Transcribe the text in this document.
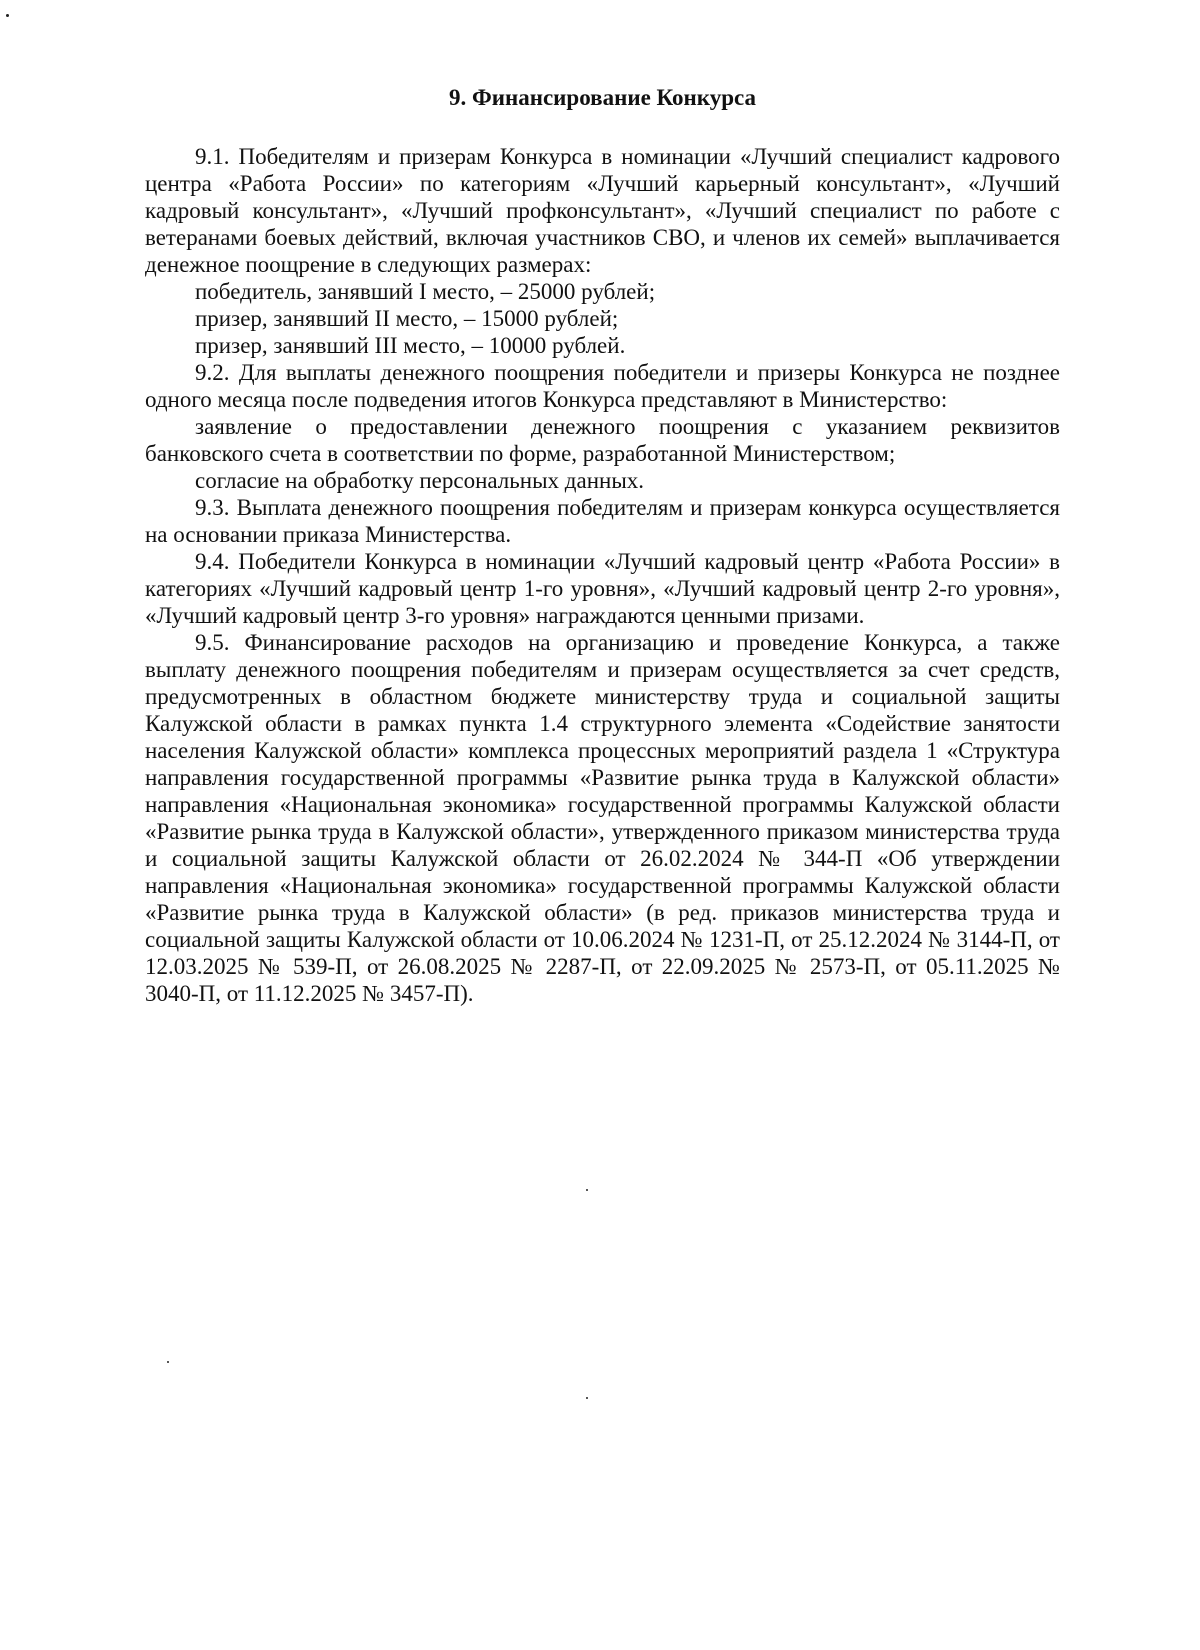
9. Финансирование Конкурса

9.1. Победителям и призерам Конкурса в номинации «Лучший специалист кадрового центра «Работа России» по категориям «Лучший карьерный консультант», «Лучший кадровый консультант», «Лучший профконсультант», «Лучший специалист по работе с ветеранами боевых действий, включая участников СВО, и членов их семей» выплачивается денежное поощрение в следующих размерах:

победитель, занявший I место, – 25000 рублей;

призер, занявший II место, – 15000 рублей;

призер, занявший III место, – 10000 рублей.

9.2. Для выплаты денежного поощрения победители и призеры Конкурса не позднее одного месяца после подведения итогов Конкурса представляют в Министерство:

заявление о предоставлении денежного поощрения с указанием реквизитов банковского счета в соответствии по форме, разработанной Министерством;

согласие на обработку персональных данных.

9.3. Выплата денежного поощрения победителям и призерам конкурса осуществляется на основании приказа Министерства.

9.4. Победители Конкурса в номинации «Лучший кадровый центр «Работа России» в категориях «Лучший кадровый центр 1-го уровня», «Лучший кадровый центр 2-го уровня», «Лучший кадровый центр 3-го уровня» награждаются ценными призами.

9.5. Финансирование расходов на организацию и проведение Конкурса, а также выплату денежного поощрения победителям и призерам осуществляется за счет средств, предусмотренных в областном бюджете министерству труда и социальной защиты Калужской области в рамках пункта 1.4 структурного элемента «Содействие занятости населения Калужской области» комплекса процессных мероприятий раздела 1 «Структура направления государственной программы «Развитие рынка труда в Калужской области» направления «Национальная экономика» государственной программы Калужской области «Развитие рынка труда в Калужской области», утвержденного приказом министерства труда и социальной защиты Калужской области от 26.02.2024 № 344-П «Об утверждении направления «Национальная экономика» государственной программы Калужской области «Развитие рынка труда в Калужской области» (в ред. приказов министерства труда и социальной защиты Калужской области от 10.06.2024 № 1231-П, от 25.12.2024 № 3144-П, от 12.03.2025 № 539-П, от 26.08.2025 № 2287-П, от 22.09.2025 № 2573-П, от 05.11.2025 № 3040-П, от 11.12.2025 № 3457-П).
